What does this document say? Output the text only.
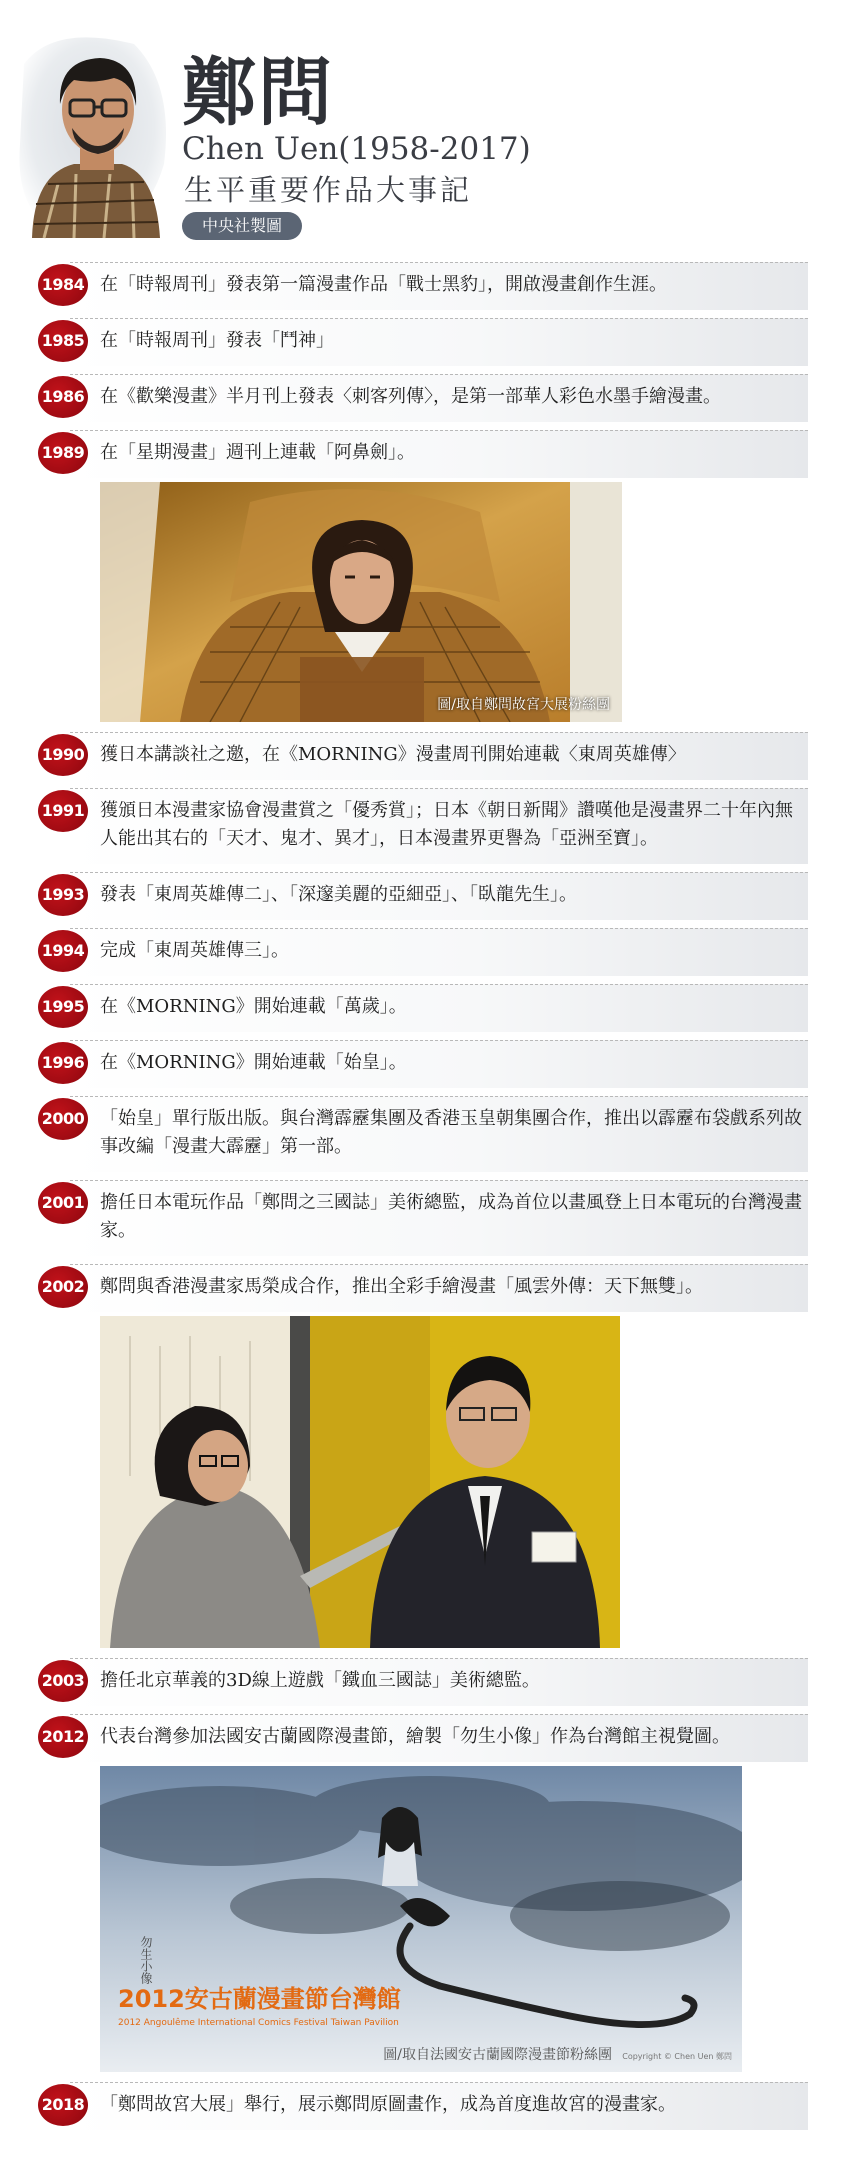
鄭問
Chen Uen(1958-2017)
生平重要作品大事記
中央社製圖
1984 在「時報周刊」發表第一篇漫畫作品「戰士黑豹」，開啟漫畫創作生涯。
1985 在「時報周刊」發表「鬥神」
1986 在《歡樂漫畫》半月刊上發表〈刺客列傳〉，是第一部華人彩色水墨手繪漫畫。
1989 在「星期漫畫」週刊上連載「阿鼻劍」。
圖/取自鄭問故宮大展粉絲團
1990 獲日本講談社之邀，在《MORNING》漫畫周刊開始連載〈東周英雄傳〉
1991 獲頒日本漫畫家協會漫畫賞之「優秀賞」；日本《朝日新聞》讚嘆他是漫畫界二十年內無人能出其右的「天才、鬼才、異才」，日本漫畫界更譽為「亞洲至寶」。
1993 發表「東周英雄傳二」、「深邃美麗的亞細亞」、「臥龍先生」。
1994 完成「東周英雄傳三」。
1995 在《MORNING》開始連載「萬歲」。
1996 在《MORNING》開始連載「始皇」。
2000 「始皇」單行版出版。與台灣霹靂集團及香港玉皇朝集團合作，推出以霹靂布袋戲系列故事改編「漫畫大霹靂」第一部。
2001 擔任日本電玩作品「鄭問之三國誌」美術總監，成為首位以畫風登上日本電玩的台灣漫畫家。
2002 鄭問與香港漫畫家馬榮成合作，推出全彩手繪漫畫「風雲外傳：天下無雙」。
2003 擔任北京華義的3D線上遊戲「鐵血三國誌」美術總監。
2012 代表台灣參加法國安古蘭國際漫畫節，繪製「勿生小像」作為台灣館主視覺圖。
勿生小像
2012安古蘭漫畫節台灣館
2012 Angoulême International Comics Festival Taiwan Pavilion
圖/取自法國安古蘭國際漫畫節粉絲團 Copyright © Chen Uen 鄭問
2018 「鄭問故宮大展」舉行，展示鄭問原圖畫作，成為首度進故宮的漫畫家。
